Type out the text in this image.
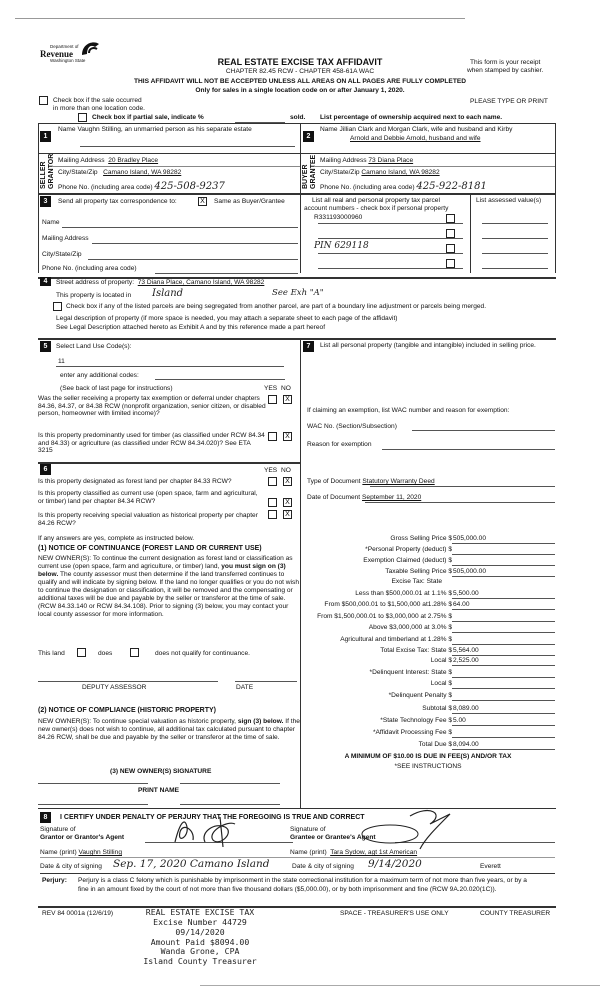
Department of
Revenue
Washington State	REAL ESTATE EXCISE TAX AFFIDAVIT
CHAPTER 82.45 RCW - CHAPTER 458-61A WAC
This form is your receipt
when stamped by cashier.
THIS AFFIDAVIT WILL NOT BE ACCEPTED UNLESS ALL AREAS ON ALL PAGES ARE FULLY COMPLETED
Only for sales in a single location code on or after January 1, 2020.
Check box if the sale occurred
in more than one location code.
PLEASE TYPE OR PRINT
Check box if partial sale, indicate %	sold. List percentage of ownership acquired next to each name.
1
Name Vaughn Stilling, an unmarried person as his separate estate
SELLER GRANTOR Mailing Address 20 Bradley Place
City/State/Zip Camano Island, WA 98282
Phone No. (including area code) 425-508-9237
2
Name Jillian Clark and Morgan Clark, wife and husband and Kirby
Arnold and Debbie Arnold, husband and wife
BUYER GRANTEE Mailing Address 73 Diana Place
City/State/Zip Camano Island, WA 98282
Phone No. (including area code) 425-922-8181
3	Send all property tax correspondence to:	X	Same as Buyer/Grantee	List all real and personal property tax parcel
account numbers - check box if personal property
List assessed value(s)
Name
Mailing Address
City/State/Zip
Phone No. (including area code)
R331193000960
PIN 629118
4	Street address of property: 73 Diana Place, Camano Island, WA 98282
This property is located in Island	See Exh "A"
Check box if any of the listed parcels are being segregated from another parcel, are part of a boundary line adjustment or parcels being merged.
Legal description of property (if more space is needed, you may attach a separate sheet to each page of the affidavit)
See Legal Description attached hereto as Exhibit A and by this reference made a part hereof
5	Select Land Use Code(s):
11
enter any additional codes:
(See back of last page for instructions)	YES NO
Was the seller receiving a property tax exemption or deferral under chapters 84.36, 84.37, or 84.38 RCW (nonprofit organization, senior citizen, or disabled person, homeowner with limited income)?
X
Is this property predominantly used for timber (as classified under RCW 84.34 and 84.33) or agriculture (as classified under RCW 84.34.020)? See ETA 3215
X
6	YES NO
Is this property designated as forest land per chapter 84.33 RCW?	X
Is this property classified as current use (open space, farm and agricultural, or timber) land per chapter 84.34 RCW?	X
Is this property receiving special valuation as historical property per chapter 84.26 RCW?
X
If any answers are yes, complete as instructed below.
(1) NOTICE OF CONTINUANCE (FOREST LAND OR CURRENT USE)
NEW OWNER(S): To continue the current designation as forest land or classification as current use (open space, farm and agriculture, or timber) land, you must sign on (3) below. The county assessor must then determine if the land transferred continues to qualify and will indicate by signing below. If the land no longer qualifies or you do not wish to continue the designation or classification, it will be removed and the compensating or additional taxes will be due and payable by the seller or transferor at the time of sale. (RCW 84.33.140 or RCW 84.34.108). Prior to signing (3) below, you may contact your local county assessor for more information.
This land	does	does not qualify for continuance.
DEPUTY ASSESSOR	DATE
(2) NOTICE OF COMPLIANCE (HISTORIC PROPERTY)
NEW OWNER(S): To continue special valuation as historic property, sign (3) below. If the new owner(s) does not wish to continue, all additional tax calculated pursuant to chapter 84.26 RCW, shall be due and payable by the seller or transferor at the time of sale.
(3) NEW OWNER(S) SIGNATURE
PRINT NAME
7	List all personal property (tangible and intangible) included in selling price.
If claiming an exemption, list WAC number and reason for exemption:
WAC No. (Section/Subsection)
Reason for exemption
Type of Document Statutory Warranty Deed
Date of Document September 11, 2020
Gross Selling Price $ 505,000.00
*Personal Property (deduct) $
Exemption Claimed (deduct) $
Taxable Selling Price $ 505,000.00
Excise Tax: State
Less than $500,000.01 at 1.1% $ 5,500.00
From $500,000.01 to $1,500,000 at1.28% $ 64.00
From $1,500,000.01 to $3,000,000 at 2.75% $
Above $3,000,000 at 3.0% $
Agricultural and timberland at 1.28% $
Total Excise Tax: State $ 5,564.00
Local $ 2,525.00
*Delinquent Interest: State $
Local $
*Delinquent Penalty $
Subtotal $ 8,089.00
*State Technology Fee $ 5.00
*Affidavit Processing Fee $
Total Due $ 8,094.00
A MINIMUM OF $10.00 IS DUE IN FEE(S) AND/OR TAX
*SEE INSTRUCTIONS
8	I CERTIFY UNDER PENALTY OF PERJURY THAT THE FOREGOING IS TRUE AND CORRECT
Signature of
Grantor or Grantor's Agent
Signature of
Grantee or Grantee's Agent
Name (print) Vaughn Stilling	Name (print) Tara Sydow, agt 1st American
Date & city of signing Sep. 17, 2020 Camano Island	Date & city of signing 9/14/2020	Everett
Perjury: Perjury is a class C felony which is punishable by imprisonment in the state correctional institution for a maximum term of not more than five years, or by a fine in an amount fixed by the court of not more than five thousand dollars ($5,000.00), or by both imprisonment and fine (RCW 9A.20.020(1C)).
REV 84 0001a (12/6/19)	SPACE - TREASURER'S USE ONLY	COUNTY TREASURER
REAL ESTATE EXCISE TAX
Excise Number 44729
09/14/2020
Amount Paid $8094.00
Wanda Grone, CPA
Island County Treasurer
